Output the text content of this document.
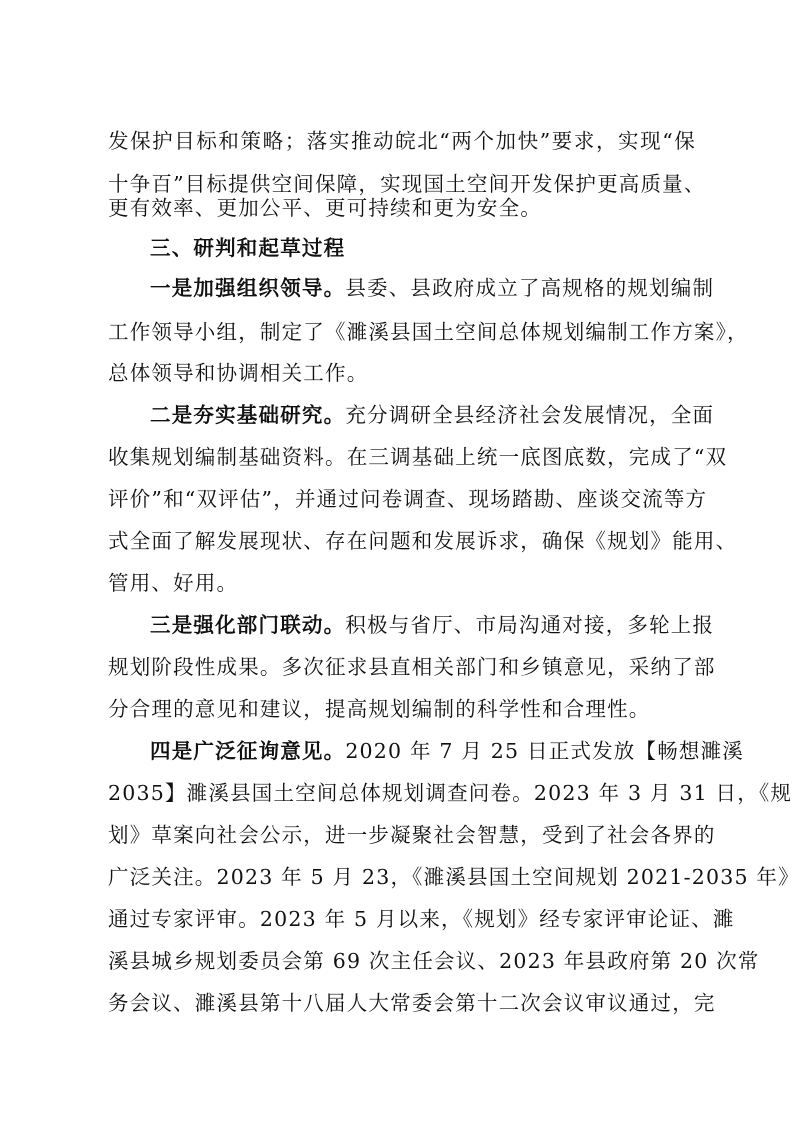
发保护目标和策略；落实推动皖北“两个加快”要求，实现“保
十争百”目标提供空间保障，实现国土空间开发保护更高质量、
更有效率、更加公平、更可持续和更为安全。
三、研判和起草过程
一是加强组织领导。县委、县政府成立了高规格的规划编制
工作领导小组，制定了《濉溪县国土空间总体规划编制工作方案》，
总体领导和协调相关工作。
二是夯实基础研究。充分调研全县经济社会发展情况，全面
收集规划编制基础资料。在三调基础上统一底图底数，完成了“双
评价”和“双评估”，并通过问卷调查、现场踏勘、座谈交流等方
式全面了解发展现状、存在问题和发展诉求，确保《规划》能用、
管用、好用。
三是强化部门联动。积极与省厅、市局沟通对接，多轮上报
规划阶段性成果。多次征求县直相关部门和乡镇意见，采纳了部
分合理的意见和建议，提高规划编制的科学性和合理性。
四是广泛征询意见。2020 年 7 月 25 日正式发放【畅想濉溪
2035】濉溪县国土空间总体规划调查问卷。2023 年 3 月 31 日，《规
划》草案向社会公示，进一步凝聚社会智慧，受到了社会各界的
广泛关注。2023 年 5 月 23，《濉溪县国土空间规划 2021-2035 年》
通过专家评审。2023 年 5 月以来，《规划》经专家评审论证、濉
溪县城乡规划委员会第 69 次主任会议、2023 年县政府第 20 次常
务会议、濉溪县第十八届人大常委会第十二次会议审议通过，完
